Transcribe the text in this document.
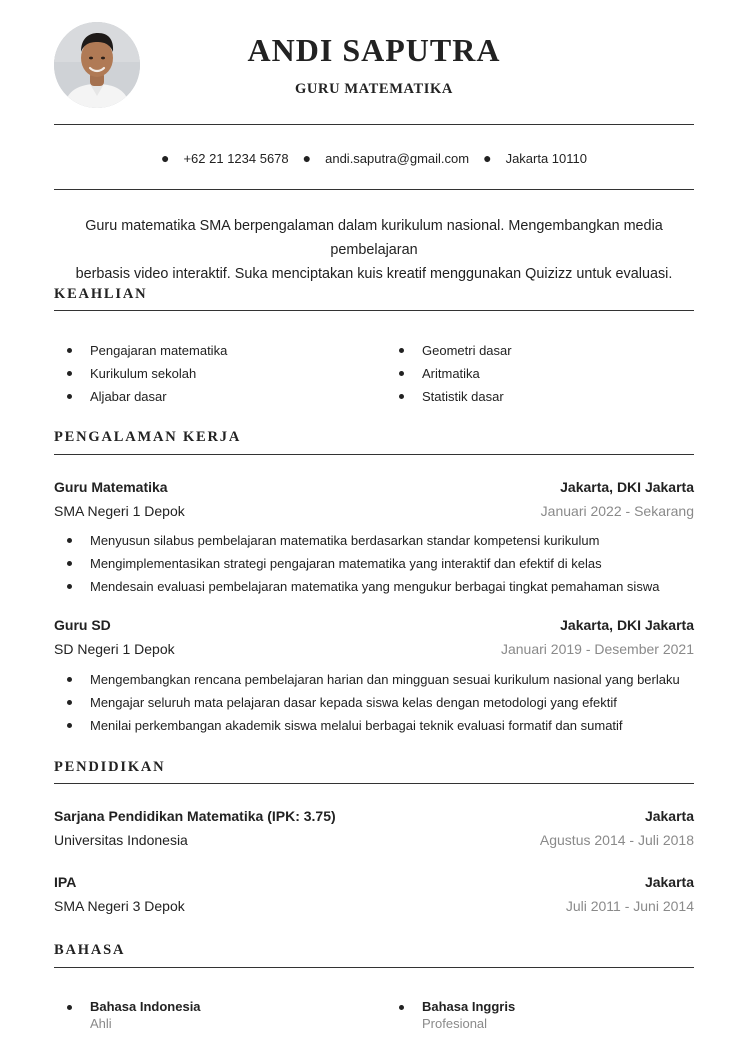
ANDI SAPUTRA
GURU MATEMATIKA
● +62 21 1234 5678 ● andi.saputra@gmail.com ● Jakarta 10110
Guru matematika SMA berpengalaman dalam kurikulum nasional. Mengembangkan media pembelajaran
berbasis video interaktif. Suka menciptakan kuis kreatif menggunakan Quizizz untuk evaluasi.
KEAHLIAN
Pengajaran matematika
Kurikulum sekolah
Aljabar dasar
Geometri dasar
Aritmatika
Statistik dasar
PENGALAMAN KERJA
Guru Matematika	Jakarta, DKI Jakarta
SMA Negeri 1 Depok	Januari 2022 - Sekarang
Menyusun silabus pembelajaran matematika berdasarkan standar kompetensi kurikulum
Mengimplementasikan strategi pengajaran matematika yang interaktif dan efektif di kelas
Mendesain evaluasi pembelajaran matematika yang mengukur berbagai tingkat pemahaman siswa
Guru SD	Jakarta, DKI Jakarta
SD Negeri 1 Depok	Januari 2019 - Desember 2021
Mengembangkan rencana pembelajaran harian dan mingguan sesuai kurikulum nasional yang berlaku
Mengajar seluruh mata pelajaran dasar kepada siswa kelas dengan metodologi yang efektif
Menilai perkembangan akademik siswa melalui berbagai teknik evaluasi formatif dan sumatif
PENDIDIKAN
Sarjana Pendidikan Matematika (IPK: 3.75)	Jakarta
Universitas Indonesia	Agustus 2014 - Juli 2018
IPA	Jakarta
SMA Negeri 3 Depok	Juli 2011 - Juni 2014
BAHASA
Bahasa Indonesia
Ahli
Bahasa Inggris
Profesional
